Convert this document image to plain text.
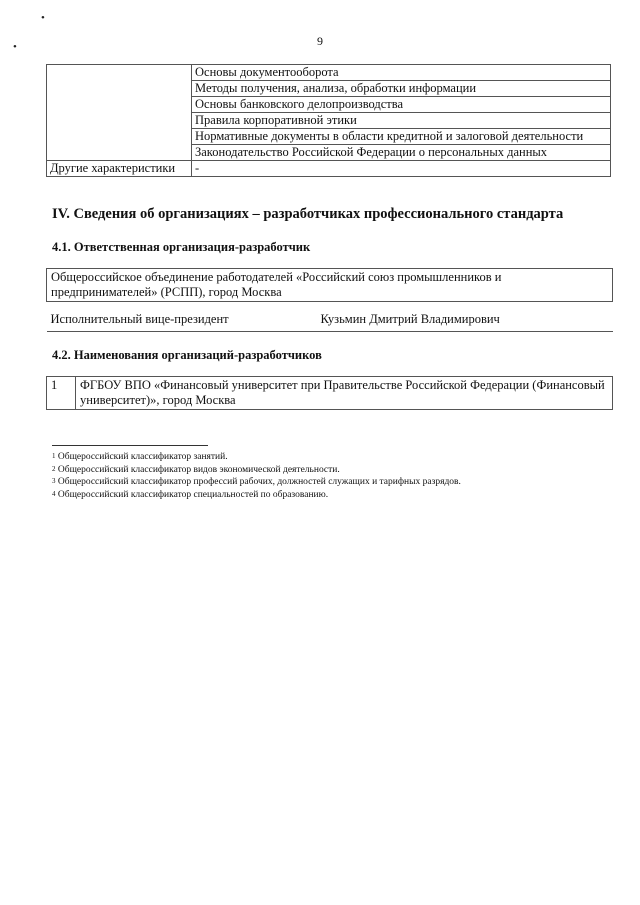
•
•	9
	Основы документооборота
	Методы получения, анализа, обработки информации
	Основы банковского делопроизводства
	Правила корпоративной этики
	Нормативные документы в области кредитной и залоговой деятельности
	Законодательство Российской Федерации о персональных данных
Другие характеристики	-
IV. Сведения об организациях – разработчиках профессионального стандарта
4.1. Ответственная организация-разработчик
Общероссийское объединение работодателей «Российский союз промышленников и предпринимателей» (РСПП), город Москва
Исполнительный вице-президент	Кузьмин Дмитрий Владимирович
4.2. Наименования организаций-разработчиков
1	ФГБОУ ВПО «Финансовый университет при Правительстве Российской Федерации (Финансовый университет)», город Москва
$^1$ Общероссийский классификатор занятий.
$^2$ Общероссийский классификатор видов экономической деятельности.
$^3$ Общероссийский классификатор профессий рабочих, должностей служащих и тарифных разрядов.
$^4$ Общероссийский классификатор специальностей по образованию.
